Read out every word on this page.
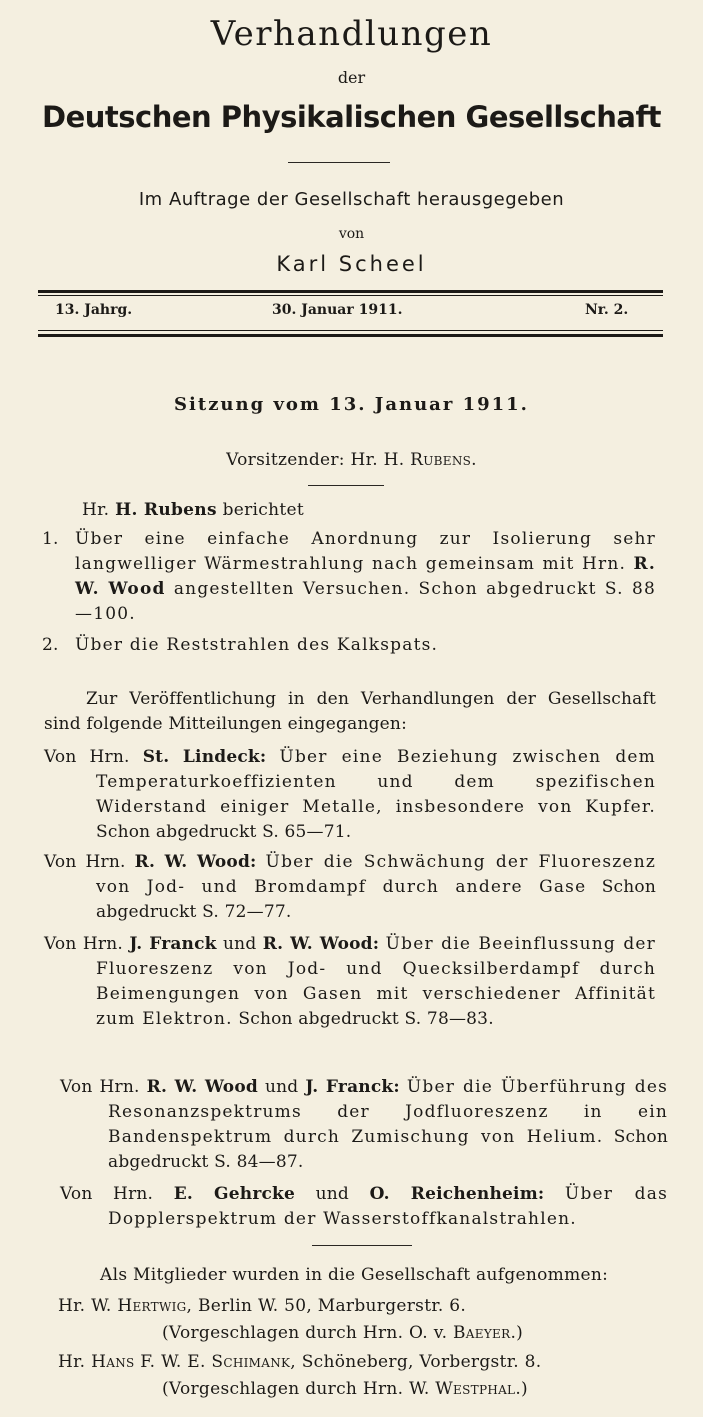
Verhandlungen
der
Deutschen Physikalischen Gesellschaft
Im Auftrage der Gesellschaft herausgegeben
von
Karl Scheel
13. Jahrg.	30. Januar 1911.	Nr. 2.
Sitzung vom 13. Januar 1911.
Vorsitzender: Hr. H. Rubens.
Hr. H. Rubens berichtet
1. Über eine einfache Anordnung zur Isolierung sehr langwelliger Wärmestrahlung nach gemeinsam mit Hrn. R. W. Wood angestellten Versuchen. Schon abgedruckt S. 88—100.
2. Über die Reststrahlen des Kalkspats.
Zur Veröffentlichung in den Verhandlungen der Gesellschaft sind folgende Mitteilungen eingegangen:
Von Hrn. St. Lindeck: Über eine Beziehung zwischen dem Temperaturkoeffizienten und dem spezifischen Widerstand einiger Metalle, insbesondere von Kupfer. Schon abgedruckt S. 65—71.
Von Hrn. R. W. Wood: Über die Schwächung der Fluoreszenz von Jod- und Bromdampf durch andere Gase Schon abgedruckt S. 72—77.
Von Hrn. J. Franck und R. W. Wood: Über die Beeinflussung der Fluoreszenz von Jod- und Quecksilberdampf durch Beimengungen von Gasen mit verschiedener Affinität zum Elektron. Schon abgedruckt S. 78—83.
Von Hrn. R. W. Wood und J. Franck: Über die Überführung des Resonanzspektrums der Jodfluoreszenz in ein Bandenspektrum durch Zumischung von Helium. Schon abgedruckt S. 84—87.
Von Hrn. E. Gehrcke und O. Reichenheim: Über das Dopplerspektrum der Wasserstoffkanalstrahlen.
Als Mitglieder wurden in die Gesellschaft aufgenommen:
Hr. W. Hertwig, Berlin W. 50, Marburgerstr. 6.
(Vorgeschlagen durch Hrn. O. v. Baeyer.)
Hr. Hans F. W. E. Schimank, Schöneberg, Vorbergstr. 8.
(Vorgeschlagen durch Hrn. W. Westphal.)
